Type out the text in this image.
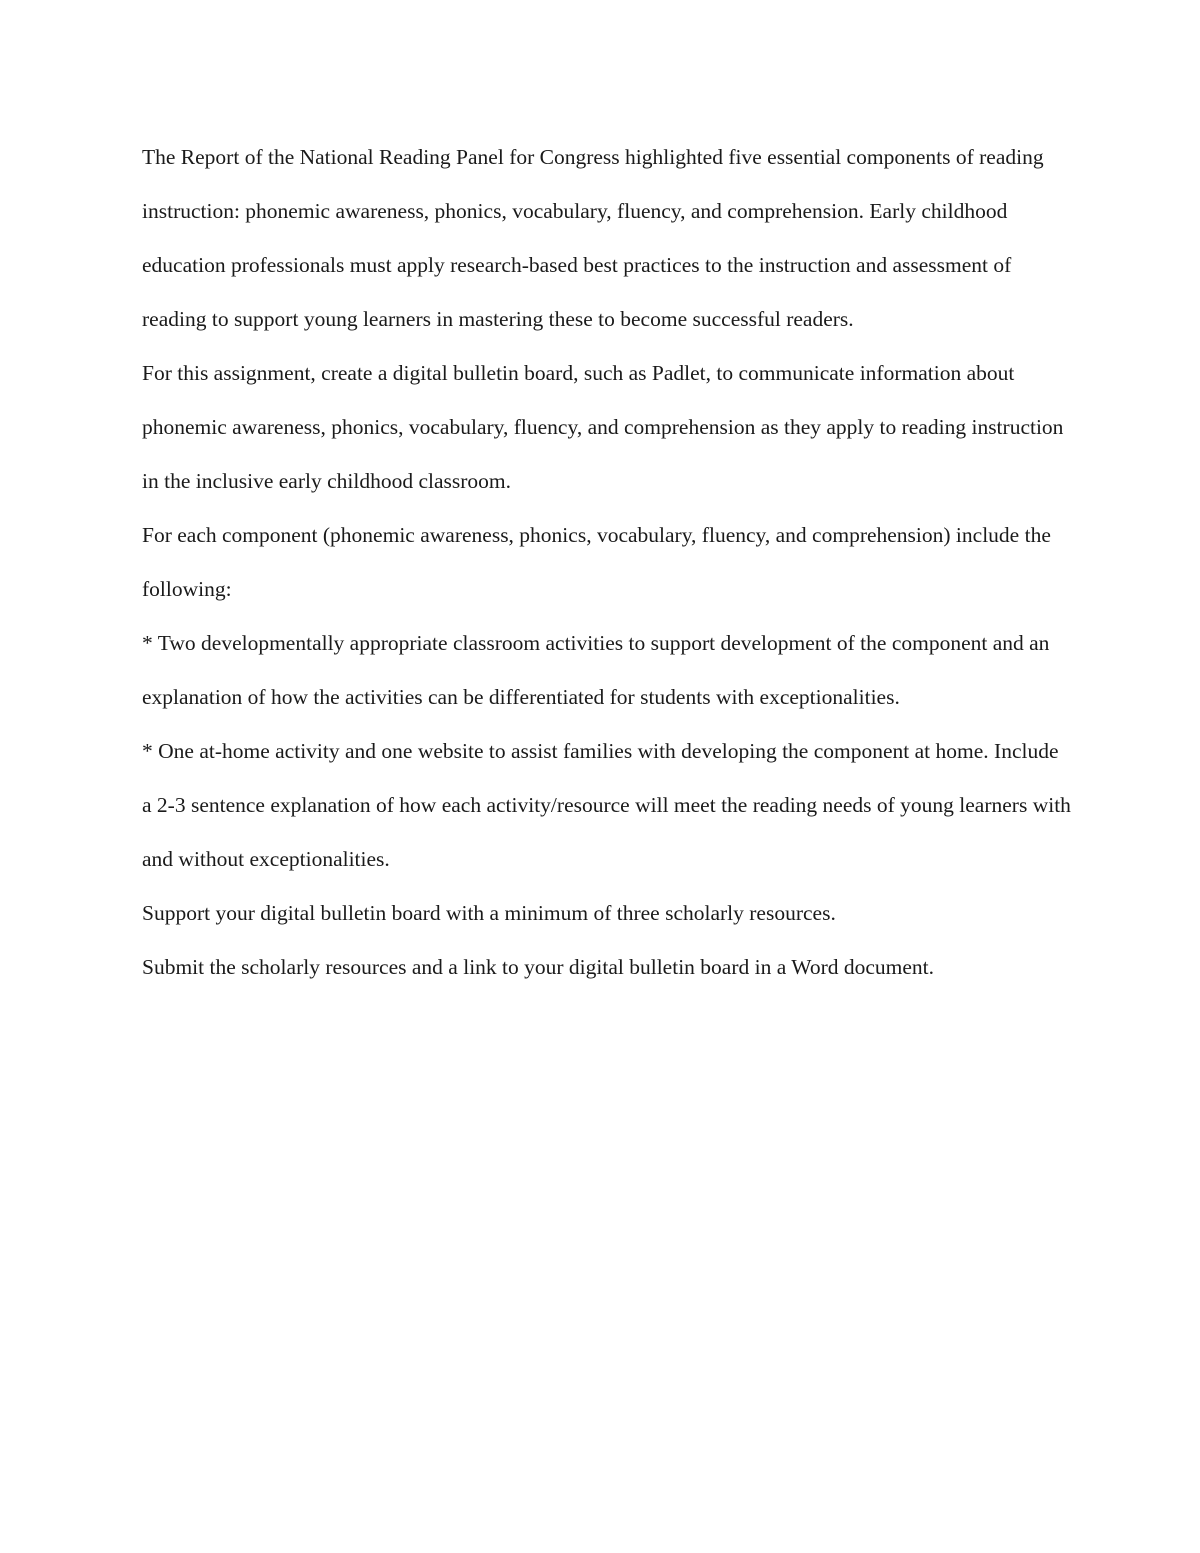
The Report of the National Reading Panel for Congress highlighted five essential components of reading instruction: phonemic awareness, phonics, vocabulary, fluency, and comprehension. Early childhood education professionals must apply research-based best practices to the instruction and assessment of reading to support young learners in mastering these to become successful readers.

For this assignment, create a digital bulletin board, such as Padlet, to communicate information about phonemic awareness, phonics, vocabulary, fluency, and comprehension as they apply to reading instruction in the inclusive early childhood classroom.

For each component (phonemic awareness, phonics, vocabulary, fluency, and comprehension) include the following:

* Two developmentally appropriate classroom activities to support development of the component and an explanation of how the activities can be differentiated for students with exceptionalities.

* One at-home activity and one website to assist families with developing the component at home. Include a 2-3 sentence explanation of how each activity/resource will meet the reading needs of young learners with and without exceptionalities.

Support your digital bulletin board with a minimum of three scholarly resources.

Submit the scholarly resources and a link to your digital bulletin board in a Word document.
